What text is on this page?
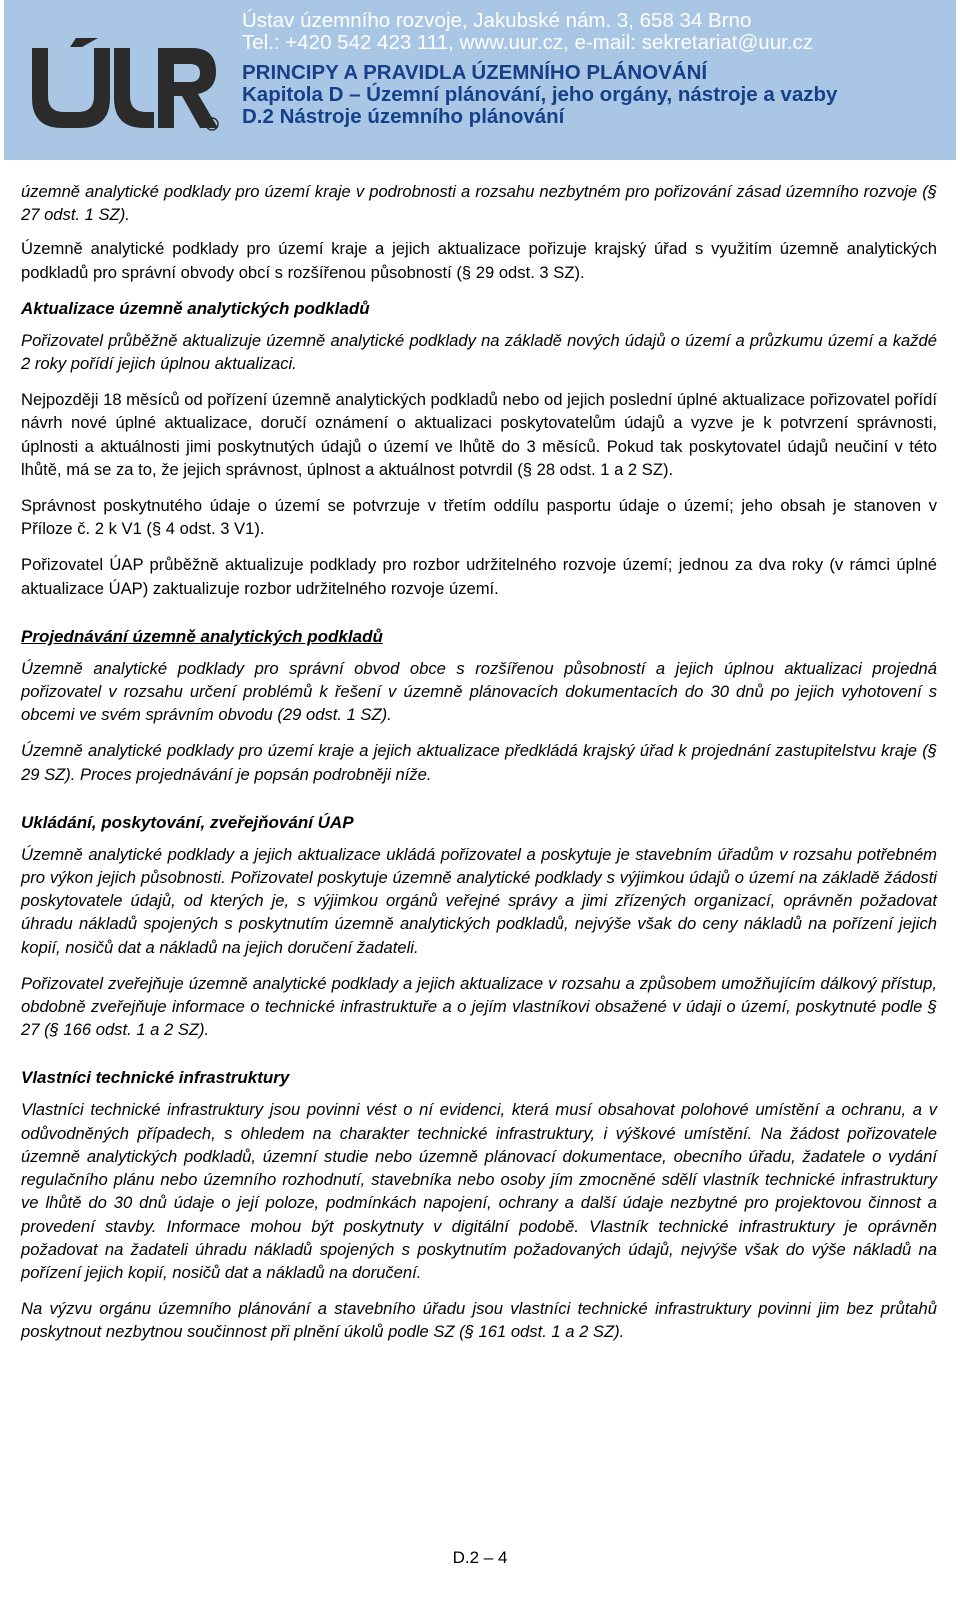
R
Ústav územního rozvoje, Jakubské nám. 3, 658 34 Brno
Tel.: +420 542 423 111, www.uur.cz, e-mail: sekretariat@uur.cz
PRINCIPY A PRAVIDLA ÚZEMNÍHO PLÁNOVÁNÍ
Kapitola D – Územní plánování, jeho orgány, nástroje a vazby
D.2 Nástroje územního plánování

územně analytické podklady pro území kraje v podrobnosti a rozsahu nezbytném pro pořizování zásad územního rozvoje (§ 27 odst. 1 SZ).

Územně analytické podklady pro území kraje a jejich aktualizace pořizuje krajský úřad s využitím územně analytických podkladů pro správní obvody obcí s rozšířenou působností (§ 29 odst. 3 SZ).

Aktualizace územně analytických podkladů

Pořizovatel průběžně aktualizuje územně analytické podklady na základě nových údajů o území a průzkumu území a každé 2 roky pořídí jejich úplnou aktualizaci.

Nejpozději 18 měsíců od pořízení územně analytických podkladů nebo od jejich poslední úplné aktualizace pořizovatel pořídí návrh nové úplné aktualizace, doručí oznámení o aktualizaci poskytovatelům údajů a vyzve je k potvrzení správnosti, úplnosti a aktuálnosti jimi poskytnutých údajů o území ve lhůtě do 3 měsíců. Pokud tak poskytovatel údajů neučiní v této lhůtě, má se za to, že jejich správnost, úplnost a aktuálnost potvrdil (§ 28 odst. 1 a 2 SZ).

Správnost poskytnutého údaje o území se potvrzuje v třetím oddílu pasportu údaje o území; jeho obsah je stanoven v Příloze č. 2 k V1 (§ 4 odst. 3 V1).

Pořizovatel ÚAP průběžně aktualizuje podklady pro rozbor udržitelného rozvoje území; jednou za dva roky (v rámci úplné aktualizace ÚAP) zaktualizuje rozbor udržitelného rozvoje území.

Projednávání územně analytických podkladů

Územně analytické podklady pro správní obvod obce s rozšířenou působností a jejich úplnou aktualizaci projedná pořizovatel v rozsahu určení problémů k řešení v územně plánovacích dokumentacích do 30 dnů po jejich vyhotovení s obcemi ve svém správním obvodu (29 odst. 1 SZ).

Územně analytické podklady pro území kraje a jejich aktualizace předkládá krajský úřad k projednání zastupitelstvu kraje (§ 29 SZ). Proces projednávání je popsán podrobněji níže.

Ukládání, poskytování, zveřejňování ÚAP

Územně analytické podklady a jejich aktualizace ukládá pořizovatel a poskytuje je stavebním úřadům v rozsahu potřebném pro výkon jejich působnosti. Pořizovatel poskytuje územně analytické podklady s výjimkou údajů o území na základě žádosti poskytovatele údajů, od kterých je, s výjimkou orgánů veřejné správy a jimi zřízených organizací, oprávněn požadovat úhradu nákladů spojených s poskytnutím územně analytických podkladů, nejvýše však do ceny nákladů na pořízení jejich kopií, nosičů dat a nákladů na jejich doručení žadateli.

Pořizovatel zveřejňuje územně analytické podklady a jejich aktualizace v rozsahu a způsobem umožňujícím dálkový přístup, obdobně zveřejňuje informace o technické infrastruktuře a o jejím vlastníkovi obsažené v údaji o území, poskytnuté podle § 27 (§ 166 odst. 1 a 2 SZ).

Vlastníci technické infrastruktury

Vlastníci technické infrastruktury jsou povinni vést o ní evidenci, která musí obsahovat polohové umístění a ochranu, a v odůvodněných případech, s ohledem na charakter technické infrastruktury, i výškové umístění. Na žádost pořizovatele územně analytických podkladů, územní studie nebo územně plánovací dokumentace, obecního úřadu, žadatele o vydání regulačního plánu nebo územního rozhodnutí, stavebníka nebo osoby jím zmocněné sdělí vlastník technické infrastruktury ve lhůtě do 30 dnů údaje o její poloze, podmínkách napojení, ochrany a další údaje nezbytné pro projektovou činnost a provedení stavby. Informace mohou být poskytnuty v digitální podobě. Vlastník technické infrastruktury je oprávněn požadovat na žadateli úhradu nákladů spojených s poskytnutím požadovaných údajů, nejvýše však do výše nákladů na pořízení jejich kopií, nosičů dat a nákladů na doručení.

Na výzvu orgánu územního plánování a stavebního úřadu jsou vlastníci technické infrastruktury povinni jim bez průtahů poskytnout nezbytnou součinnost při plnění úkolů podle SZ (§ 161 odst. 1 a 2 SZ).

D.2 – 4
